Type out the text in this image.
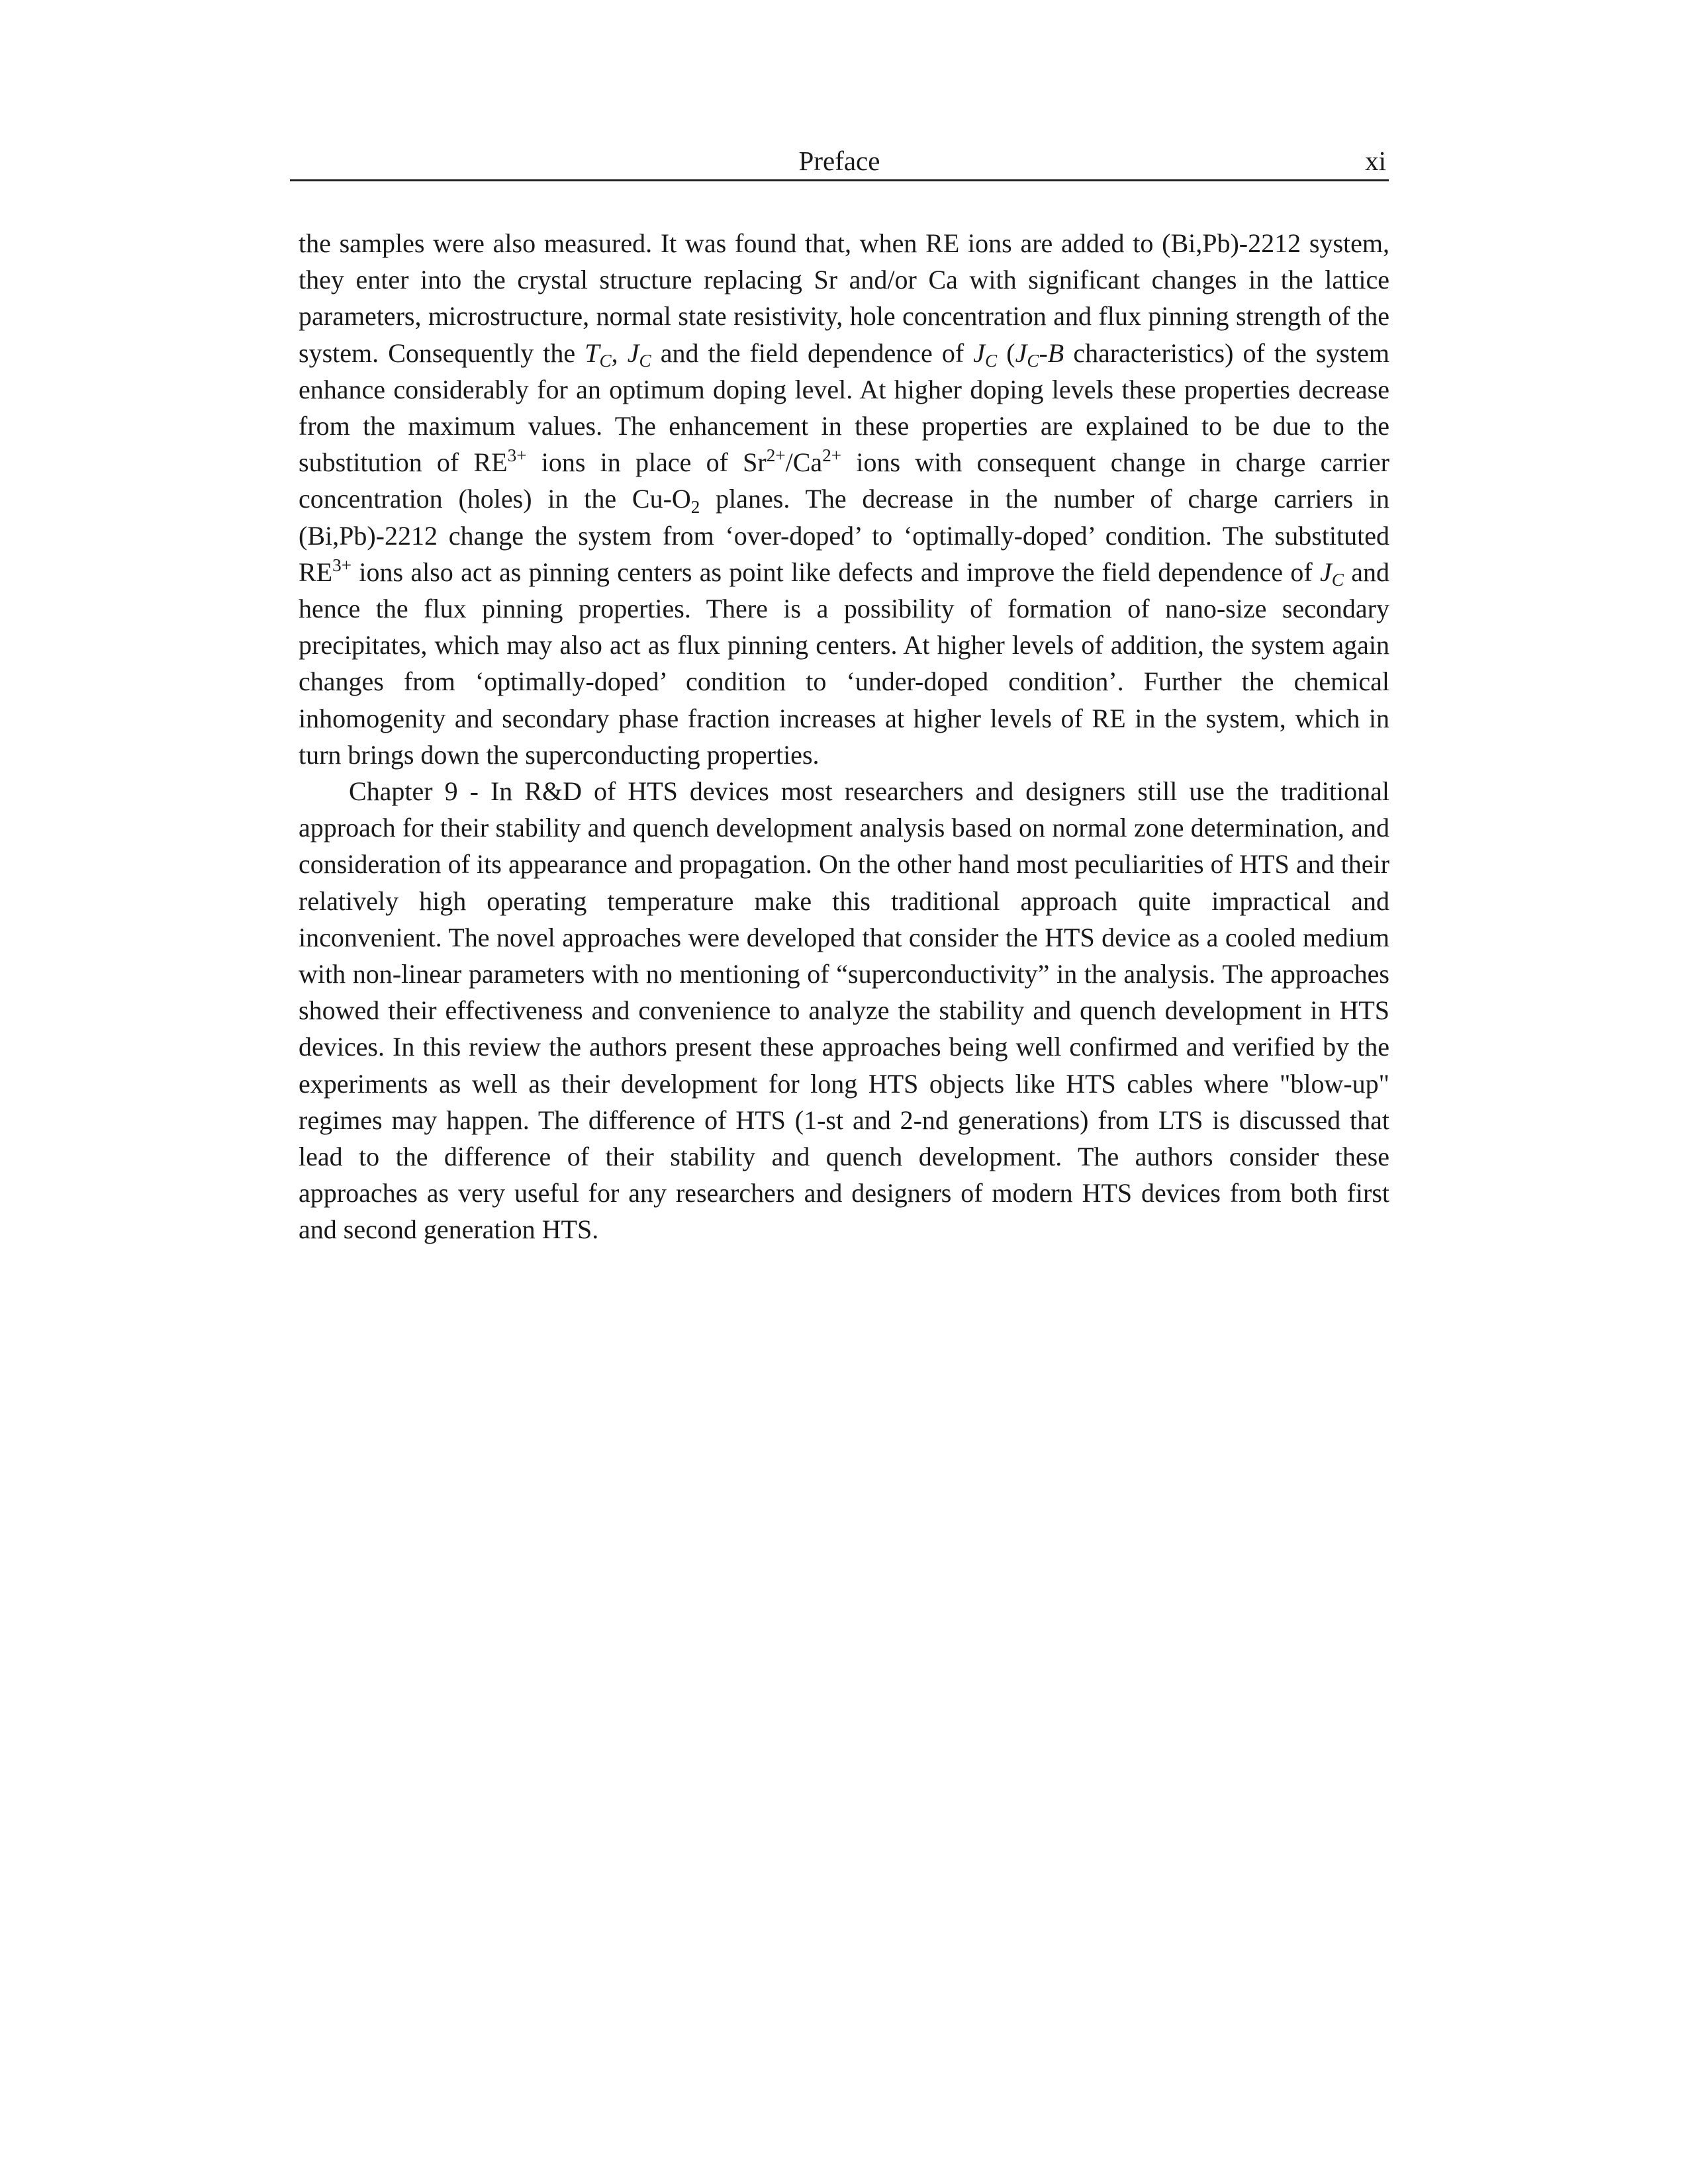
Preface	xi

the samples were also measured. It was found that, when RE ions are added to (Bi,Pb)-2212 system, they enter into the crystal structure replacing Sr and/or Ca with significant changes in the lattice parameters, microstructure, normal state resistivity, hole concentration and flux pinning strength of the system. Consequently the $T_C$, $J_C$ and the field dependence of $J_C$ ($J_C-B$ characteristics) of the system enhance considerably for an optimum doping level. At higher doping levels these properties decrease from the maximum values. The enhancement in these properties are explained to be due to the substitution of $RE^{3+}$ ions in place of $Sr^{2+}/Ca^{2+}$ ions with consequent change in charge carrier concentration (holes) in the $Cu-O_2$ planes. The decrease in the number of charge carriers in (Bi,Pb)-2212 change the system from ‘over-doped’ to ‘optimally-doped’ condition. The substituted $RE^{3+}$ ions also act as pinning centers as point like defects and improve the field dependence of $J_C$ and hence the flux pinning properties. There is a possibility of formation of nano-size secondary precipitates, which may also act as flux pinning centers. At higher levels of addition, the system again changes from ‘optimally-doped’ condition to ‘under-doped condition’. Further the chemical inhomogenity and secondary phase fraction increases at higher levels of RE in the system, which in turn brings down the superconducting properties.

Chapter 9 - In R&D of HTS devices most researchers and designers still use the traditional approach for their stability and quench development analysis based on normal zone determination, and consideration of its appearance and propagation. On the other hand most peculiarities of HTS and their relatively high operating temperature make this traditional approach quite impractical and inconvenient. The novel approaches were developed that consider the HTS device as a cooled medium with non-linear parameters with no mentioning of “superconductivity” in the analysis. The approaches showed their effectiveness and convenience to analyze the stability and quench development in HTS devices. In this review the authors present these approaches being well confirmed and verified by the experiments as well as their development for long HTS objects like HTS cables where "blow-up" regimes may happen. The difference of HTS (1-st and 2-nd generations) from LTS is discussed that lead to the difference of their stability and quench development. The authors consider these approaches as very useful for any researchers and designers of modern HTS devices from both first and second generation HTS.
